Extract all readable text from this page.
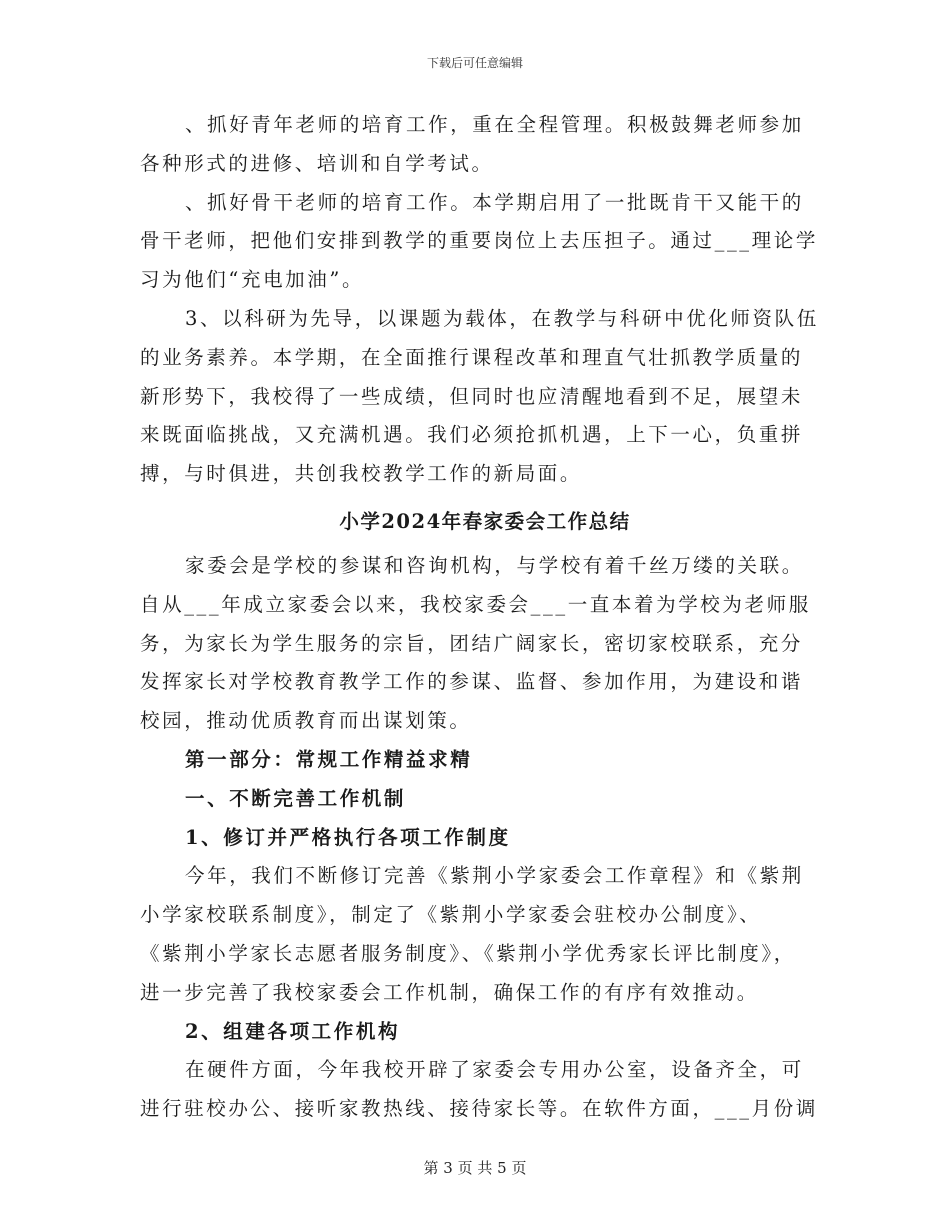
下载后可任意编辑
、抓好青年老师的培育工作，重在全程管理。积极鼓舞老师参加
各种形式的进修、培训和自学考试。
、抓好骨干老师的培育工作。本学期启用了一批既肯干又能干的
骨干老师，把他们安排到教学的重要岗位上去压担子。通过___理论学
习为他们“充电加油”。
3、以科研为先导，以课题为载体，在教学与科研中优化师资队伍
的业务素养。本学期，在全面推行课程改革和理直气壮抓教学质量的
新形势下，我校得了一些成绩，但同时也应清醒地看到不足，展望未
来既面临挑战，又充满机遇。我们必须抢抓机遇，上下一心，负重拼
搏，与时俱进，共创我校教学工作的新局面。
小学2024年春家委会工作总结
家委会是学校的参谋和咨询机构，与学校有着千丝万缕的关联。
自从___年成立家委会以来，我校家委会___一直本着为学校为老师服
务，为家长为学生服务的宗旨，团结广阔家长，密切家校联系，充分
发挥家长对学校教育教学工作的参谋、监督、参加作用，为建设和谐
校园，推动优质教育而出谋划策。
第一部分：常规工作精益求精
一、不断完善工作机制
1、修订并严格执行各项工作制度
今年，我们不断修订完善《紫荆小学家委会工作章程》和《紫荆
小学家校联系制度》，制定了《紫荆小学家委会驻校办公制度》、
《紫荆小学家长志愿者服务制度》、《紫荆小学优秀家长评比制度》，
进一步完善了我校家委会工作机制，确保工作的有序有效推动。
2、组建各项工作机构
在硬件方面，今年我校开辟了家委会专用办公室，设备齐全，可
进行驻校办公、接听家教热线、接待家长等。在软件方面，___月份调
第 3 页 共 5 页
